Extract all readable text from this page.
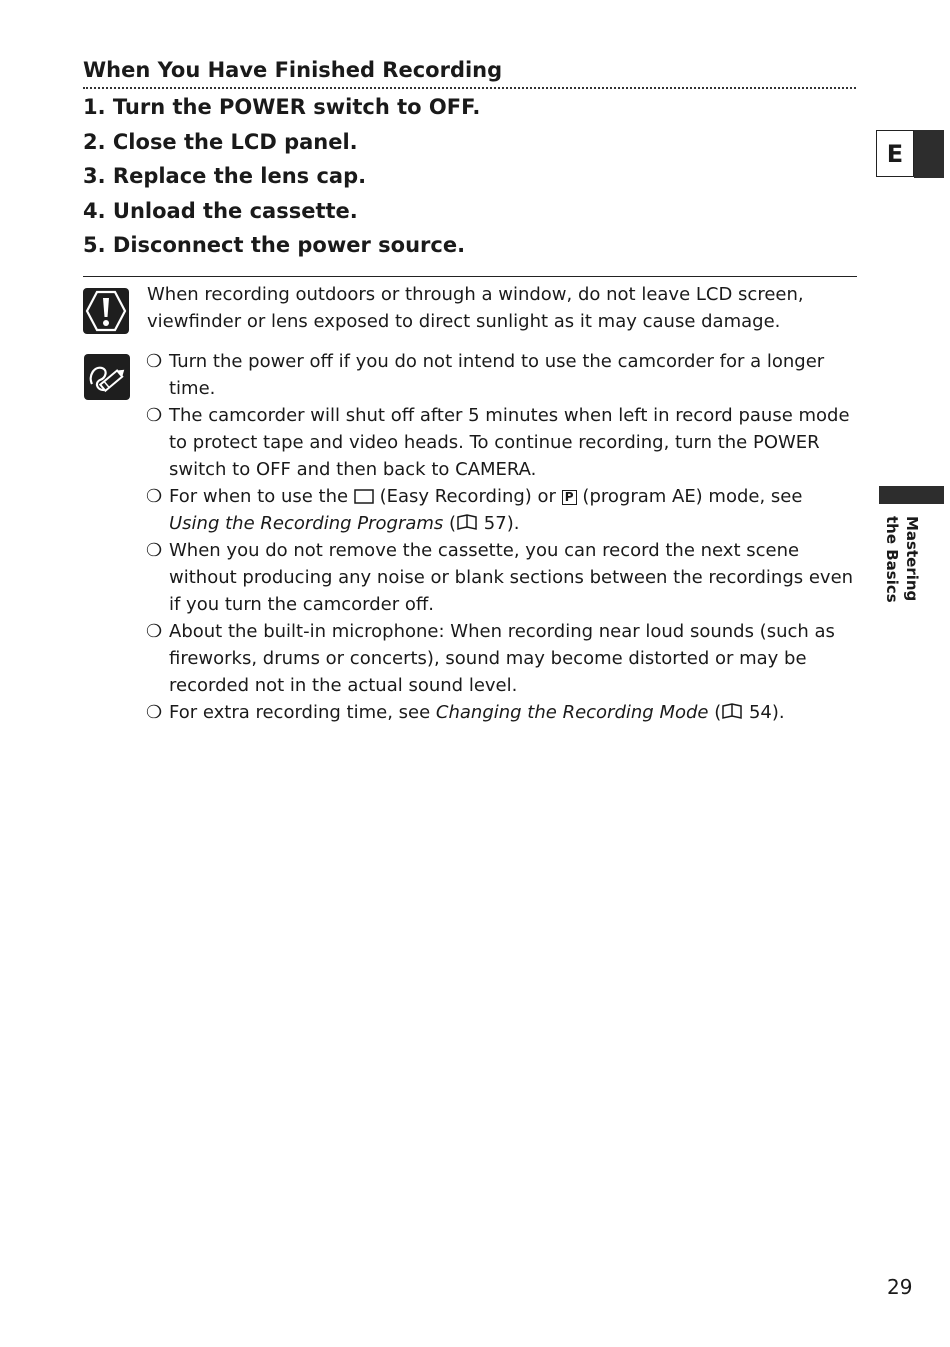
When You Have Finished Recording
1. Turn the POWER switch to OFF.
2. Close the LCD panel.
3. Replace the lens cap.
4. Unload the cassette.
5. Disconnect the power source.
When recording outdoors or through a window, do not leave LCD screen, viewfinder or lens exposed to direct sunlight as it may cause damage.
❍ Turn the power off if you do not intend to use the camcorder for a longer time.
❍ The camcorder will shut off after 5 minutes when left in record pause mode to protect tape and video heads. To continue recording, turn the POWER switch to OFF and then back to CAMERA.
❍ For when to use the (Easy Recording) or P (program AE) mode, see Using the Recording Programs ( 57).
❍ When you do not remove the cassette, you can record the next scene without producing any noise or blank sections between the recordings even if you turn the camcorder off.
❍ About the built-in microphone: When recording near loud sounds (such as fireworks, drums or concerts), sound may become distorted or may be recorded not in the actual sound level.
❍ For extra recording time, see Changing the Recording Mode ( 54).
E
Mastering
the Basics
29
